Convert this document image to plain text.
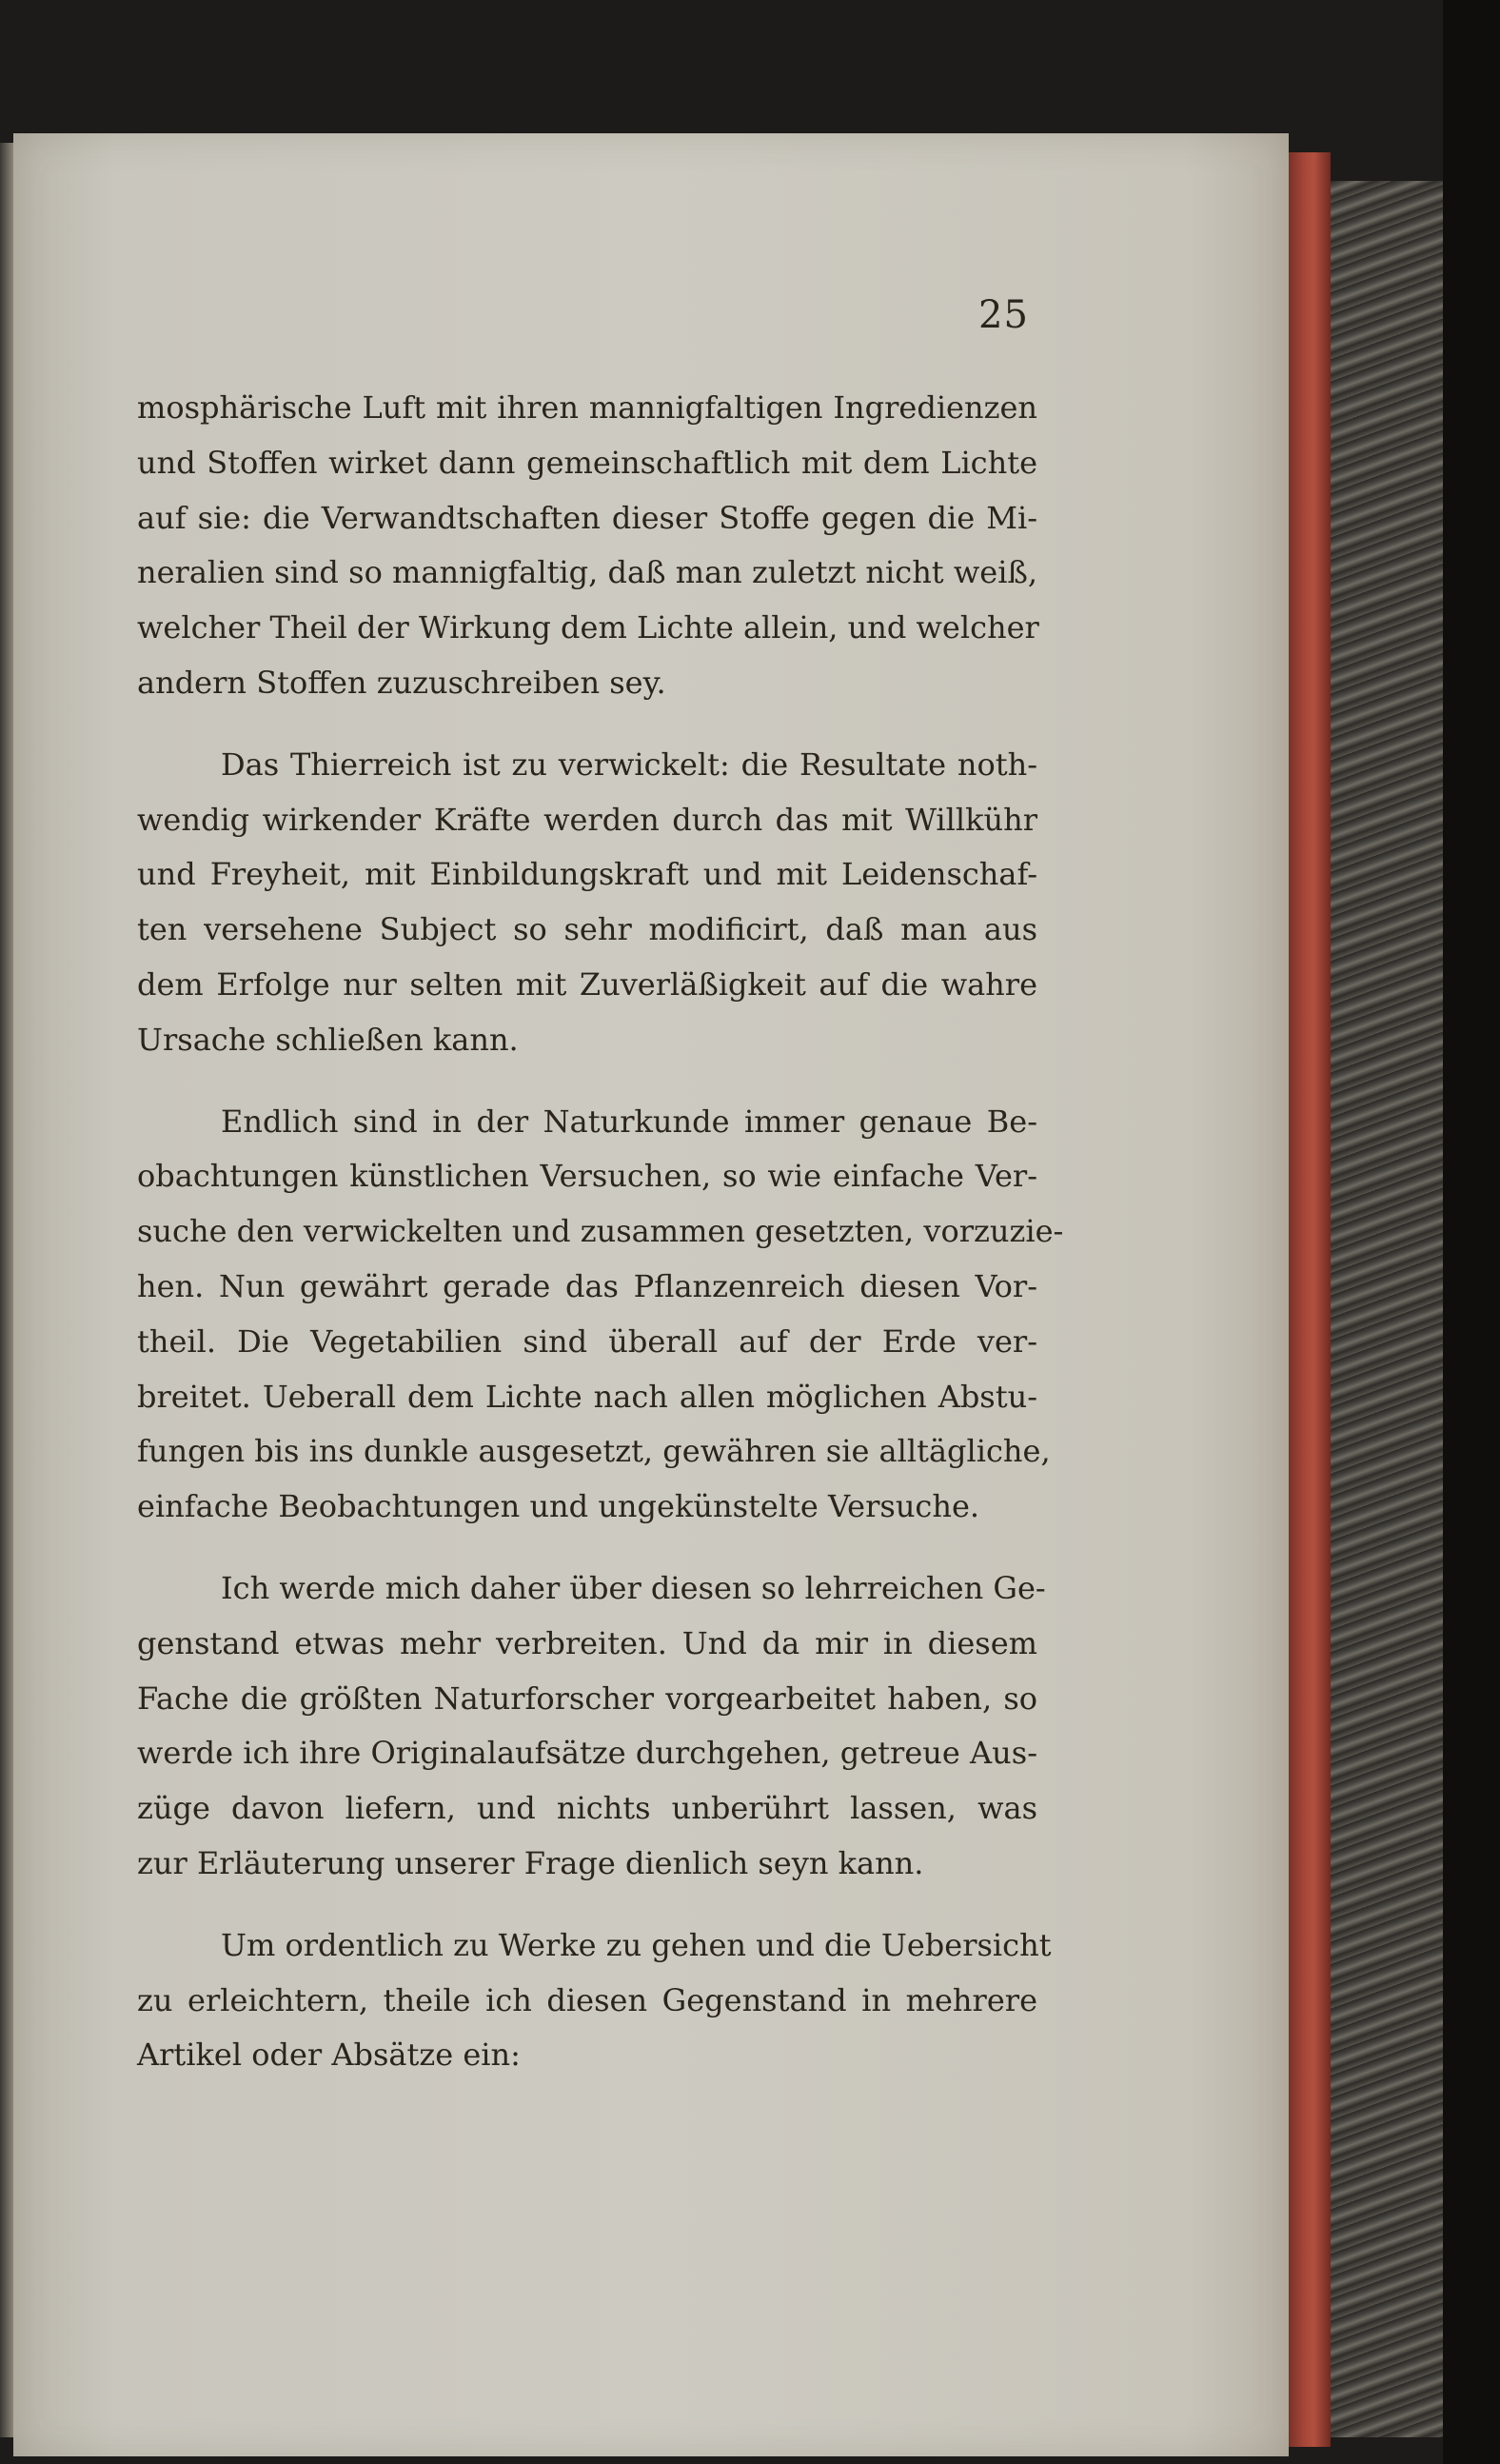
25
mosphärische Luft mit ihren mannigfaltigen Ingredienzen
und Stoffen wirket dann gemeinschaftlich mit dem Lichte
auf sie: die Verwandtschaften dieser Stoffe gegen die Mi-
neralien sind so mannigfaltig, daß man zuletzt nicht weiß,
welcher Theil der Wirkung dem Lichte allein, und welcher
andern Stoffen zuzuschreiben sey.
Das Thierreich ist zu verwickelt: die Resultate noth-
wendig wirkender Kräfte werden durch das mit Willkühr
und Freyheit, mit Einbildungskraft und mit Leidenschaf-
ten versehene Subject so sehr modificirt, daß man aus
dem Erfolge nur selten mit Zuverläßigkeit auf die wahre
Ursache schließen kann.
Endlich sind in der Naturkunde immer genaue Be-
obachtungen künstlichen Versuchen, so wie einfache Ver-
suche den verwickelten und zusammen gesetzten, vorzuzie-
hen. Nun gewährt gerade das Pflanzenreich diesen Vor-
theil. Die Vegetabilien sind überall auf der Erde ver-
breitet. Ueberall dem Lichte nach allen möglichen Abstu-
fungen bis ins dunkle ausgesetzt, gewähren sie alltägliche,
einfache Beobachtungen und ungekünstelte Versuche.
Ich werde mich daher über diesen so lehrreichen Ge-
genstand etwas mehr verbreiten. Und da mir in diesem
Fache die größten Naturforscher vorgearbeitet haben, so
werde ich ihre Originalaufsätze durchgehen, getreue Aus-
züge davon liefern, und nichts unberührt lassen, was
zur Erläuterung unserer Frage dienlich seyn kann.
Um ordentlich zu Werke zu gehen und die Uebersicht
zu erleichtern, theile ich diesen Gegenstand in mehrere
Artikel oder Absätze ein:
